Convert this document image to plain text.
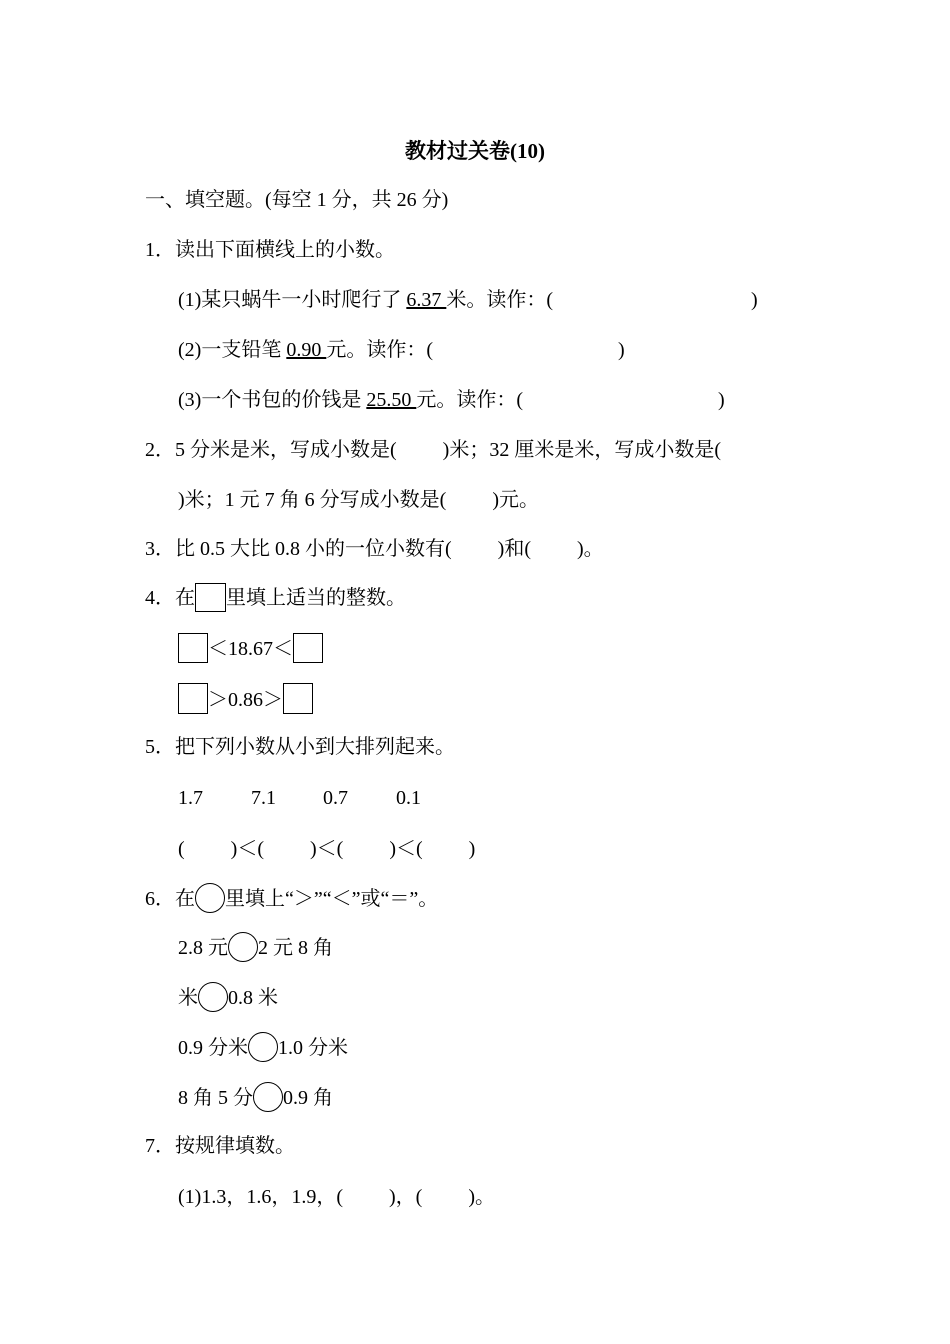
教材过关卷(10)
一、填空题。(每空 1 分，共 26 分)
1．读出下面横线上的小数。
(1)某只蜗牛一小时爬行了 6.37 米。读作：(	)
(2)一支铅笔 0.90 元。读作：(	)
(3)一个书包的价钱是 25.50 元。读作：(	)
2．5 分米是米，写成小数是( )米；32 厘米是米，写成小数是(
)米；1 元 7 角 6 分写成小数是( )元。
3．比 0.5 大比 0.8 小的一位小数有( )和( )。
4．在 里填上适当的整数。
＜18.67＜
＞0.86＞
5．把下列小数从小到大排列起来。
1.7 7.1 0.7 0.1
( )＜( )＜( )＜( )
6．在 里填上“＞”“＜”或“＝”。
2.8 元 2 元 8 角
米 0.8 米
0.9 分米 1.0 分米
8 角 5 分 0.9 角
7．按规律填数。
(1)1.3，1.6，1.9，( )，( )。
